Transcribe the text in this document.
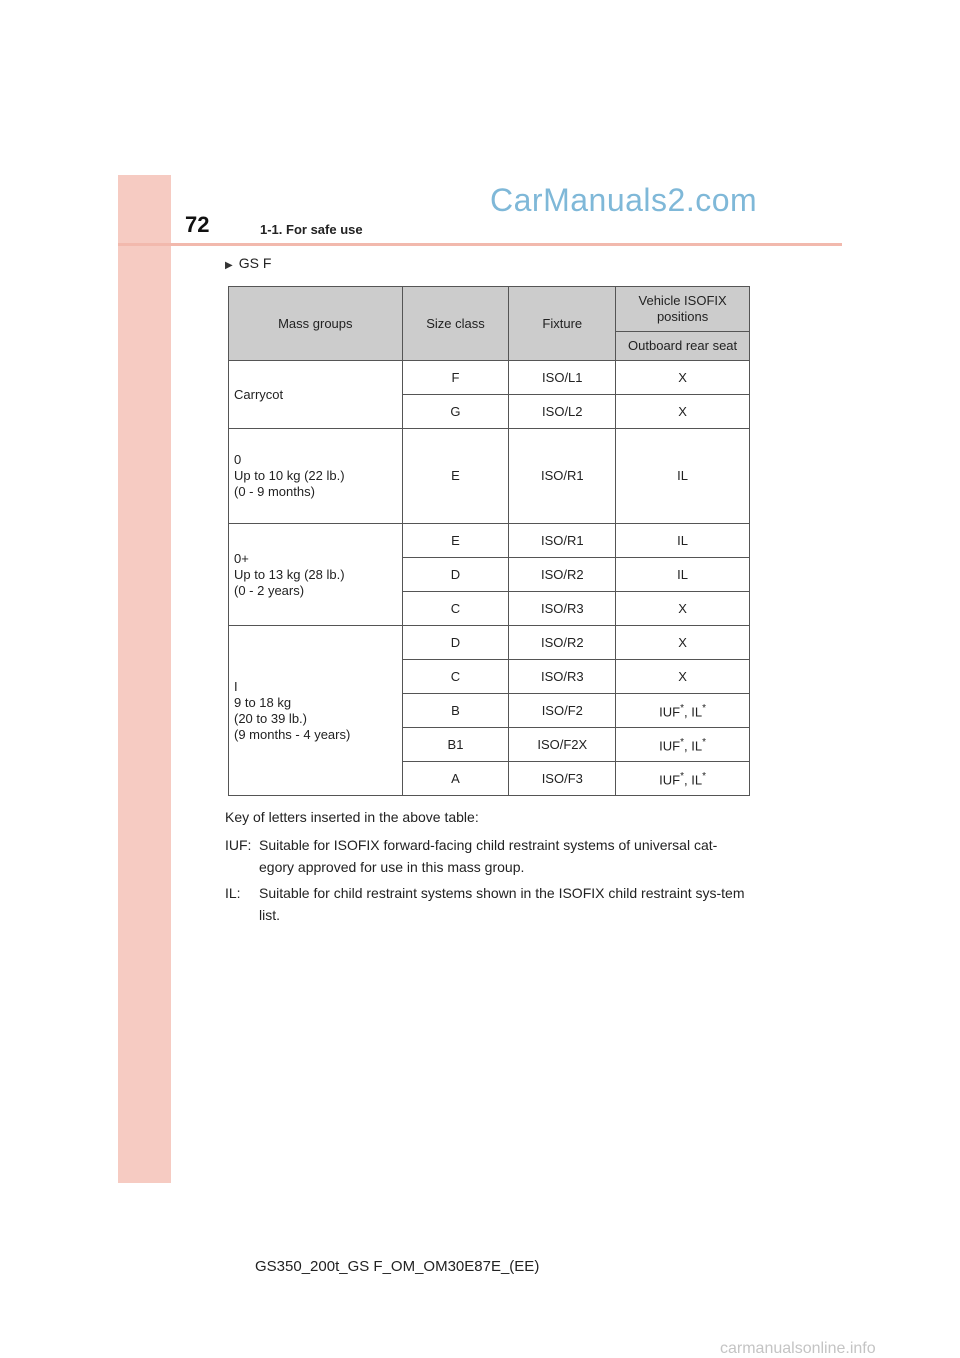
72	1-1. For safe use
CarManuals2.com
▶ GS F
Mass groups	Size class	Fixture	Vehicle ISOFIX positions
			Outboard rear seat

Carrycot	F	ISO/L1	X
	G	ISO/L2	X

0
Up to 10 kg (22 lb.)
(0 - 9 months)	E	ISO/R1	IL

0+
Up to 13 kg (28 lb.)
(0 - 2 years)	E	ISO/R1	IL
	D	ISO/R2	IL
	C	ISO/R3	X

I
9 to 18 kg
(20 to 39 lb.)
(9 months - 4 years)	D	ISO/R2	X
	C	ISO/R3	X
	B	ISO/F2	IUF*, IL*
	B1	ISO/F2X	IUF*, IL*
	A	ISO/F3	IUF*, IL*
Key of letters inserted in the above table:
IUF: Suitable for ISOFIX forward-facing child restraint systems of universal cat-egory approved for use in this mass group.
IL:	Suitable for child restraint systems shown in the ISOFIX child restraint sys-tem list.
GS350_200t_GS F_OM_OM30E87E_(EE)
carmanualsonline.info
